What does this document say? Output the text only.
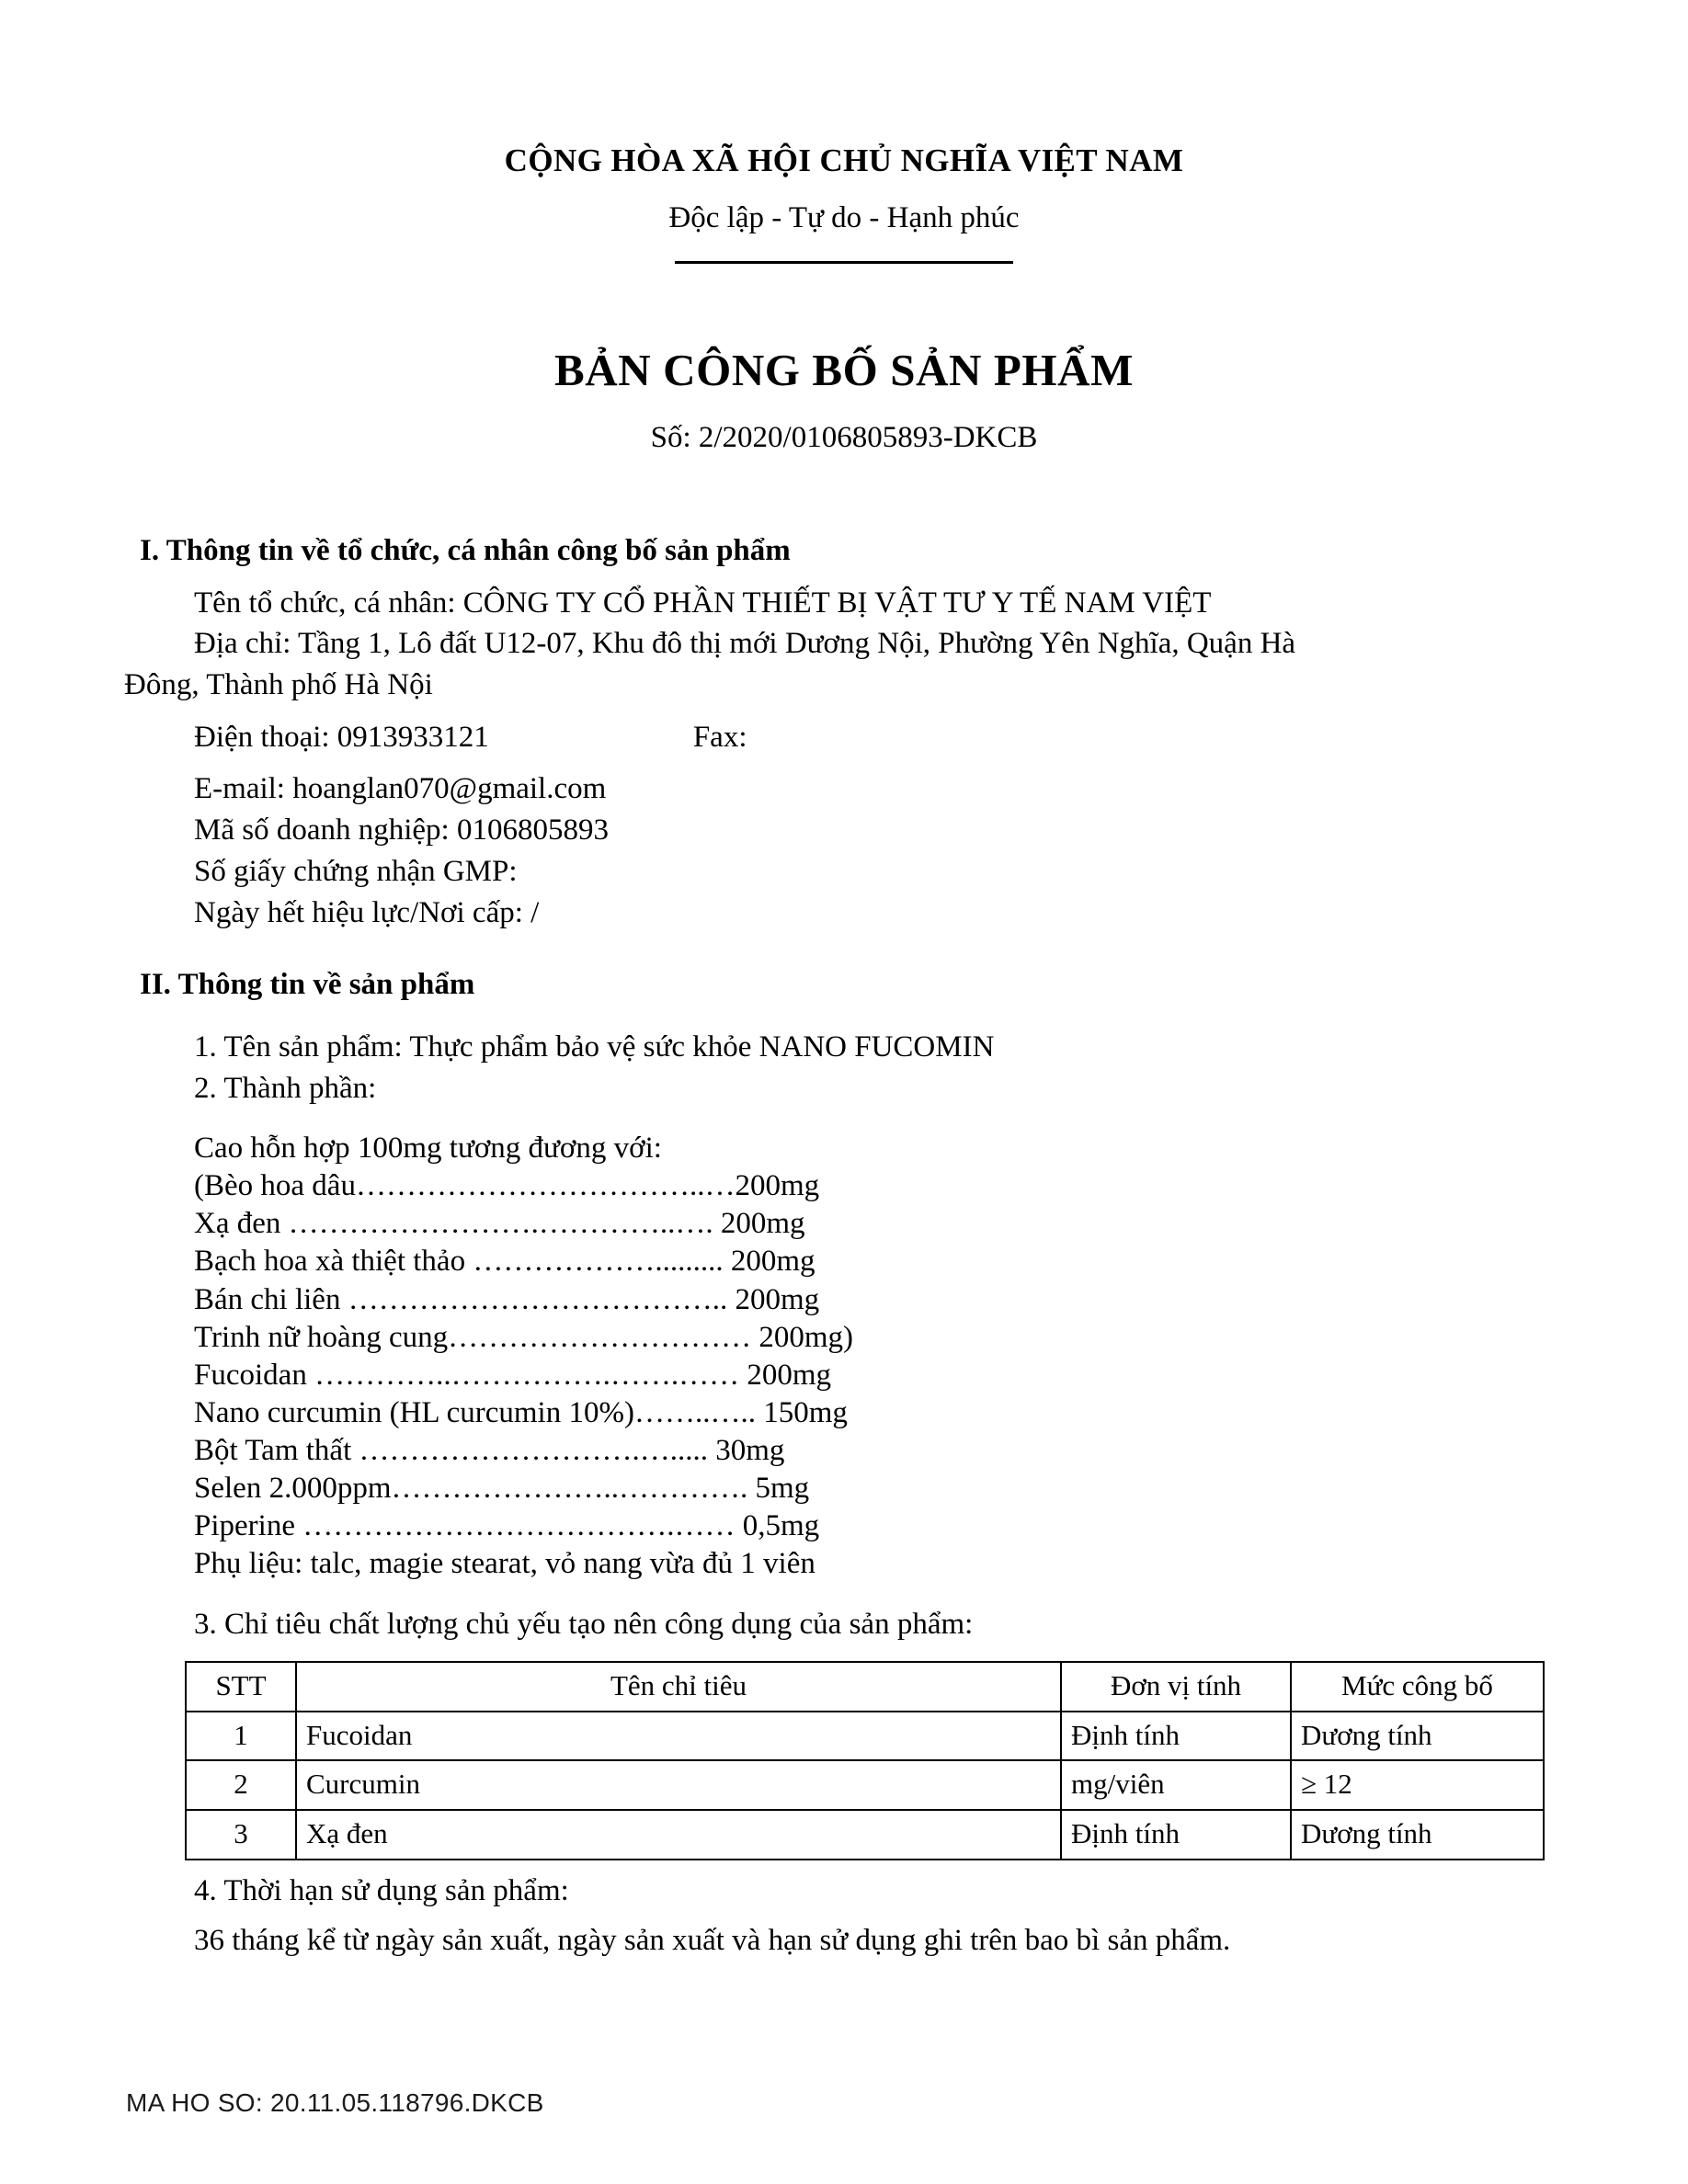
CỘNG HÒA XÃ HỘI CHỦ NGHĨA VIỆT NAM
Độc lập - Tự do - Hạnh phúc
BẢN CÔNG BỐ SẢN PHẨM
Số: 2/2020/0106805893-DKCB
I. Thông tin về tổ chức, cá nhân công bố sản phẩm
Tên tổ chức, cá nhân: CÔNG TY CỔ PHẦN THIẾT BỊ VẬT TƯ Y TẾ NAM VIỆT
Địa chỉ: Tầng 1, Lô đất U12-07, Khu đô thị mới Dương Nội, Phường Yên Nghĩa, Quận Hà
Đông, Thành phố Hà Nội
Điện thoại: 0913933121	Fax:
E-mail: hoanglan070@gmail.com
Mã số doanh nghiệp: 0106805893
Số giấy chứng nhận GMP:
Ngày hết hiệu lực/Nơi cấp: /
II. Thông tin về sản phẩm
1. Tên sản phẩm: Thực phẩm bảo vệ sức khỏe NANO FUCOMIN
2. Thành phần:
Cao hỗn hợp 100mg tương đương với:
(Bèo hoa dâu……………………………..…200mg
Xạ đen …………………….…………..…. 200mg
Bạch hoa xà thiệt thảo ………………......... 200mg
Bán chi liên ……………………………….. 200mg
Trinh nữ hoàng cung………………………… 200mg)
Fucoidan …………..…………….…….…… 200mg
Nano curcumin (HL curcumin 10%)……..….. 150mg
Bột Tam thất ……………………….…..... 30mg
Selen 2.000ppm…………………..…………. 5mg
Piperine ……………………………….…… 0,5mg
Phụ liệu: talc, magie stearat, vỏ nang vừa đủ 1 viên
3. Chỉ tiêu chất lượng chủ yếu tạo nên công dụng của sản phẩm:
STT	Tên chỉ tiêu	Đơn vị tính	Mức công bố
1	Fucoidan	Định tính	Dương tính
2	Curcumin	mg/viên	≥ 12
3	Xạ đen	Định tính	Dương tính
4. Thời hạn sử dụng sản phẩm:
36 tháng kể từ ngày sản xuất, ngày sản xuất và hạn sử dụng ghi trên bao bì sản phẩm.
MA HO SO: 20.11.05.118796.DKCB
